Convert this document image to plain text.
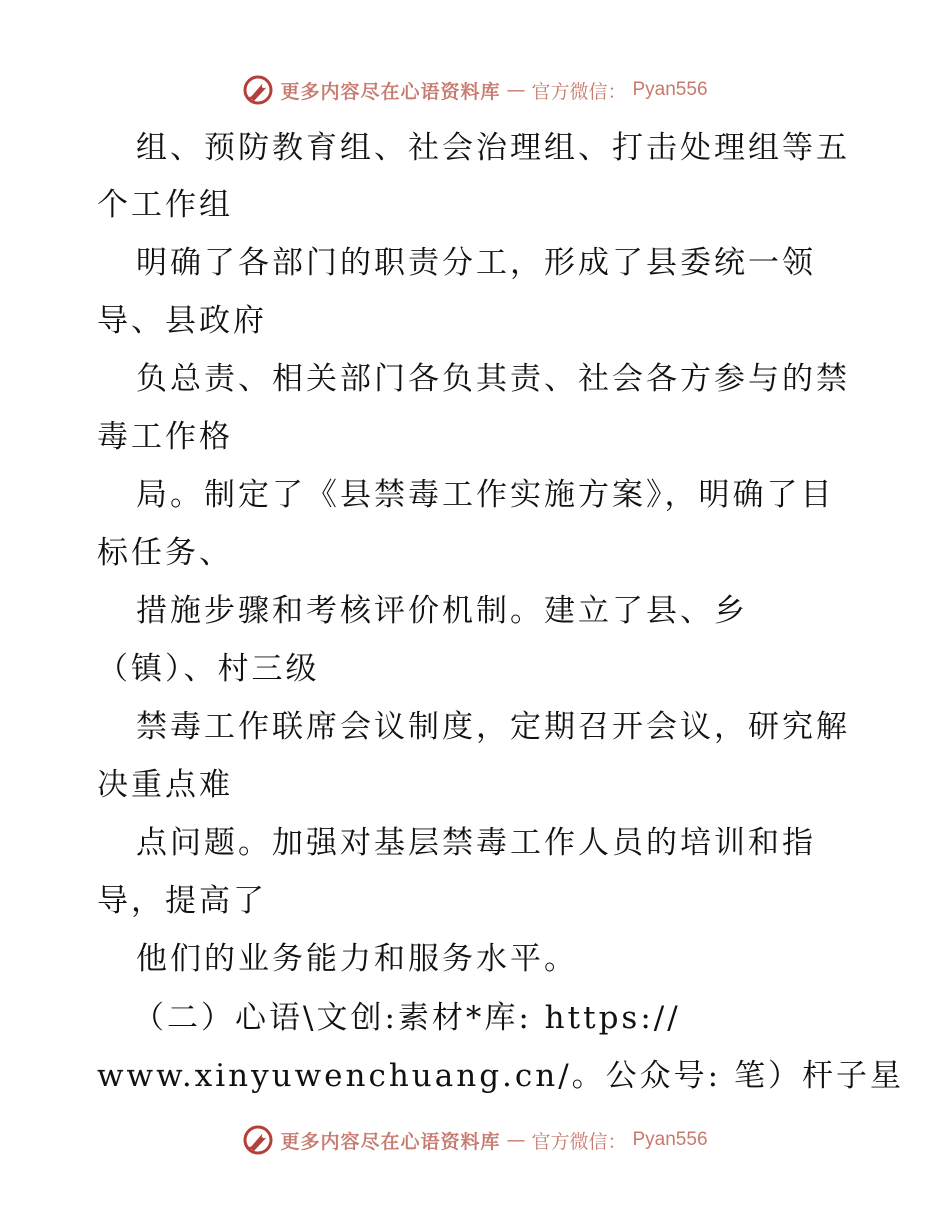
更多内容尽在心语资料库 — 官方微信： Pyan556
组、预防教育组、社会治理组、打击处理组等五
个工作组
明确了各部门的职责分工，形成了县委统一领
导、县政府
负总责、相关部门各负其责、社会各方参与的禁
毒工作格
局。制定了《县禁毒工作实施方案》，明确了目
标任务、
措施步骤和考核评价机制。建立了县、乡
（镇）、村三级
禁毒工作联席会议制度，定期召开会议，研究解
决重点难
点问题。加强对基层禁毒工作人员的培训和指
导，提高了
他们的业务能力和服务水平。
（二）心语\文创:素材*库: https://
www.xinyuwenchuang.cn/。公众号: 笔）杆子星
更多内容尽在心语资料库 — 官方微信： Pyan556
